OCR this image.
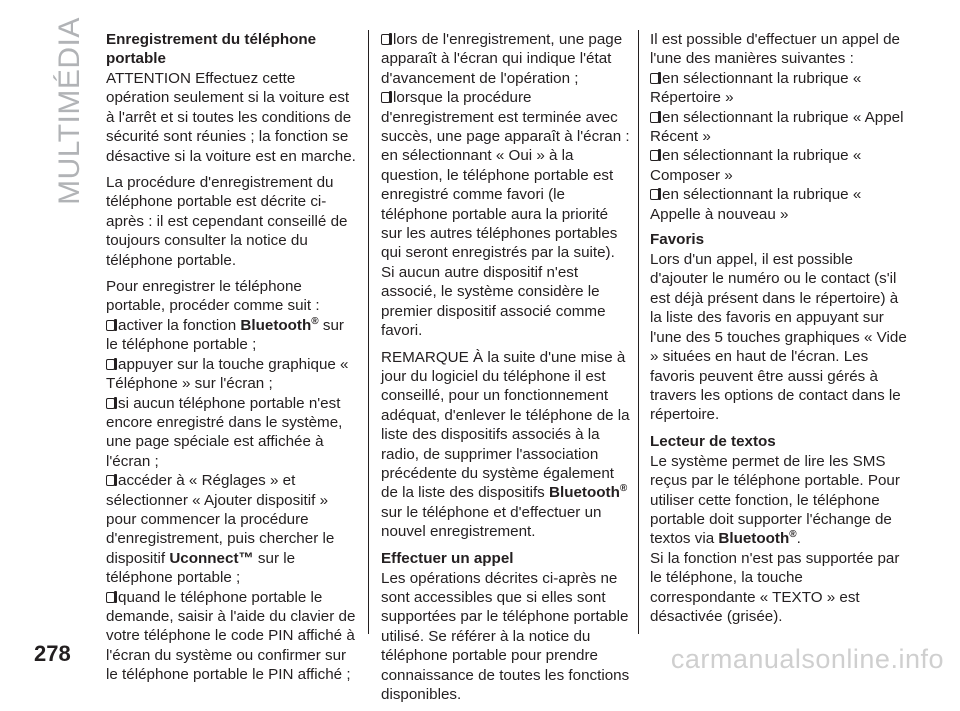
MULTIMÉDIA Enregistrement du téléphone portable

ATTENTION Effectuez cette opération seulement si la voiture est à l'arrêt et si toutes les conditions de sécurité sont réunies ; la fonction se désactive si la voiture est en marche.

La procédure d'enregistrement du téléphone portable est décrite ci-après : il est cependant conseillé de toujours consulter la notice du téléphone portable.

Pour enregistrer le téléphone portable, procéder comme suit :

activer la fonction Bluetooth® sur le téléphone portable ;
appuyer sur la touche graphique « Téléphone » sur l'écran ;
si aucun téléphone portable n'est encore enregistré dans le système, une page spéciale est affichée à l'écran ;
accéder à « Réglages » et sélectionner « Ajouter dispositif » pour commencer la procédure d'enregistrement, puis chercher le dispositif Uconnect™ sur le téléphone portable ;
quand le téléphone portable le demande, saisir à l'aide du clavier de votre téléphone le code PIN affiché à l'écran du système ou confirmer sur le téléphone portable le PIN affiché ;
lors de l'enregistrement, une page apparaît à l'écran qui indique l'état d'avancement de l'opération ;
lorsque la procédure d'enregistrement est terminée avec succès, une page apparaît à l'écran : en sélectionnant « Oui » à la question, le téléphone portable est enregistré comme favori (le téléphone portable aura la priorité sur les autres téléphones portables qui seront enregistrés par la suite). Si aucun autre dispositif n'est associé, le système considère le premier dispositif associé comme favori.

REMARQUE À la suite d'une mise à jour du logiciel du téléphone il est conseillé, pour un fonctionnement adéquat, d'enlever le téléphone de la liste des dispositifs associés à la radio, de supprimer l'association précédente du système également de la liste des dispositifs Bluetooth® sur le téléphone et d'effectuer un nouvel enregistrement.

Effectuer un appel

Les opérations décrites ci-après ne sont accessibles que si elles sont supportées par le téléphone portable utilisé. Se référer à la notice du téléphone portable pour prendre connaissance de toutes les fonctions disponibles.

Il est possible d'effectuer un appel de l'une des manières suivantes :

en sélectionnant la rubrique « Répertoire »
en sélectionnant la rubrique « Appel Récent »
en sélectionnant la rubrique « Composer »
en sélectionnant la rubrique « Appelle à nouveau »
Favoris

Lors d'un appel, il est possible d'ajouter le numéro ou le contact (s'il est déjà présent dans le répertoire) à la liste des favoris en appuyant sur l'une des 5 touches graphiques « Vide » situées en haut de l'écran. Les favoris peuvent être aussi gérés à travers les options de contact dans le répertoire.

Lecteur de textos

Le système permet de lire les SMS reçus par le téléphone portable. Pour utiliser cette fonction, le téléphone portable doit supporter l'échange de textos via Bluetooth®.

Si la fonction n'est pas supportée par le téléphone, la touche correspondante « TEXTO » est désactivée (grisée).

278	carmanualsonline.info
